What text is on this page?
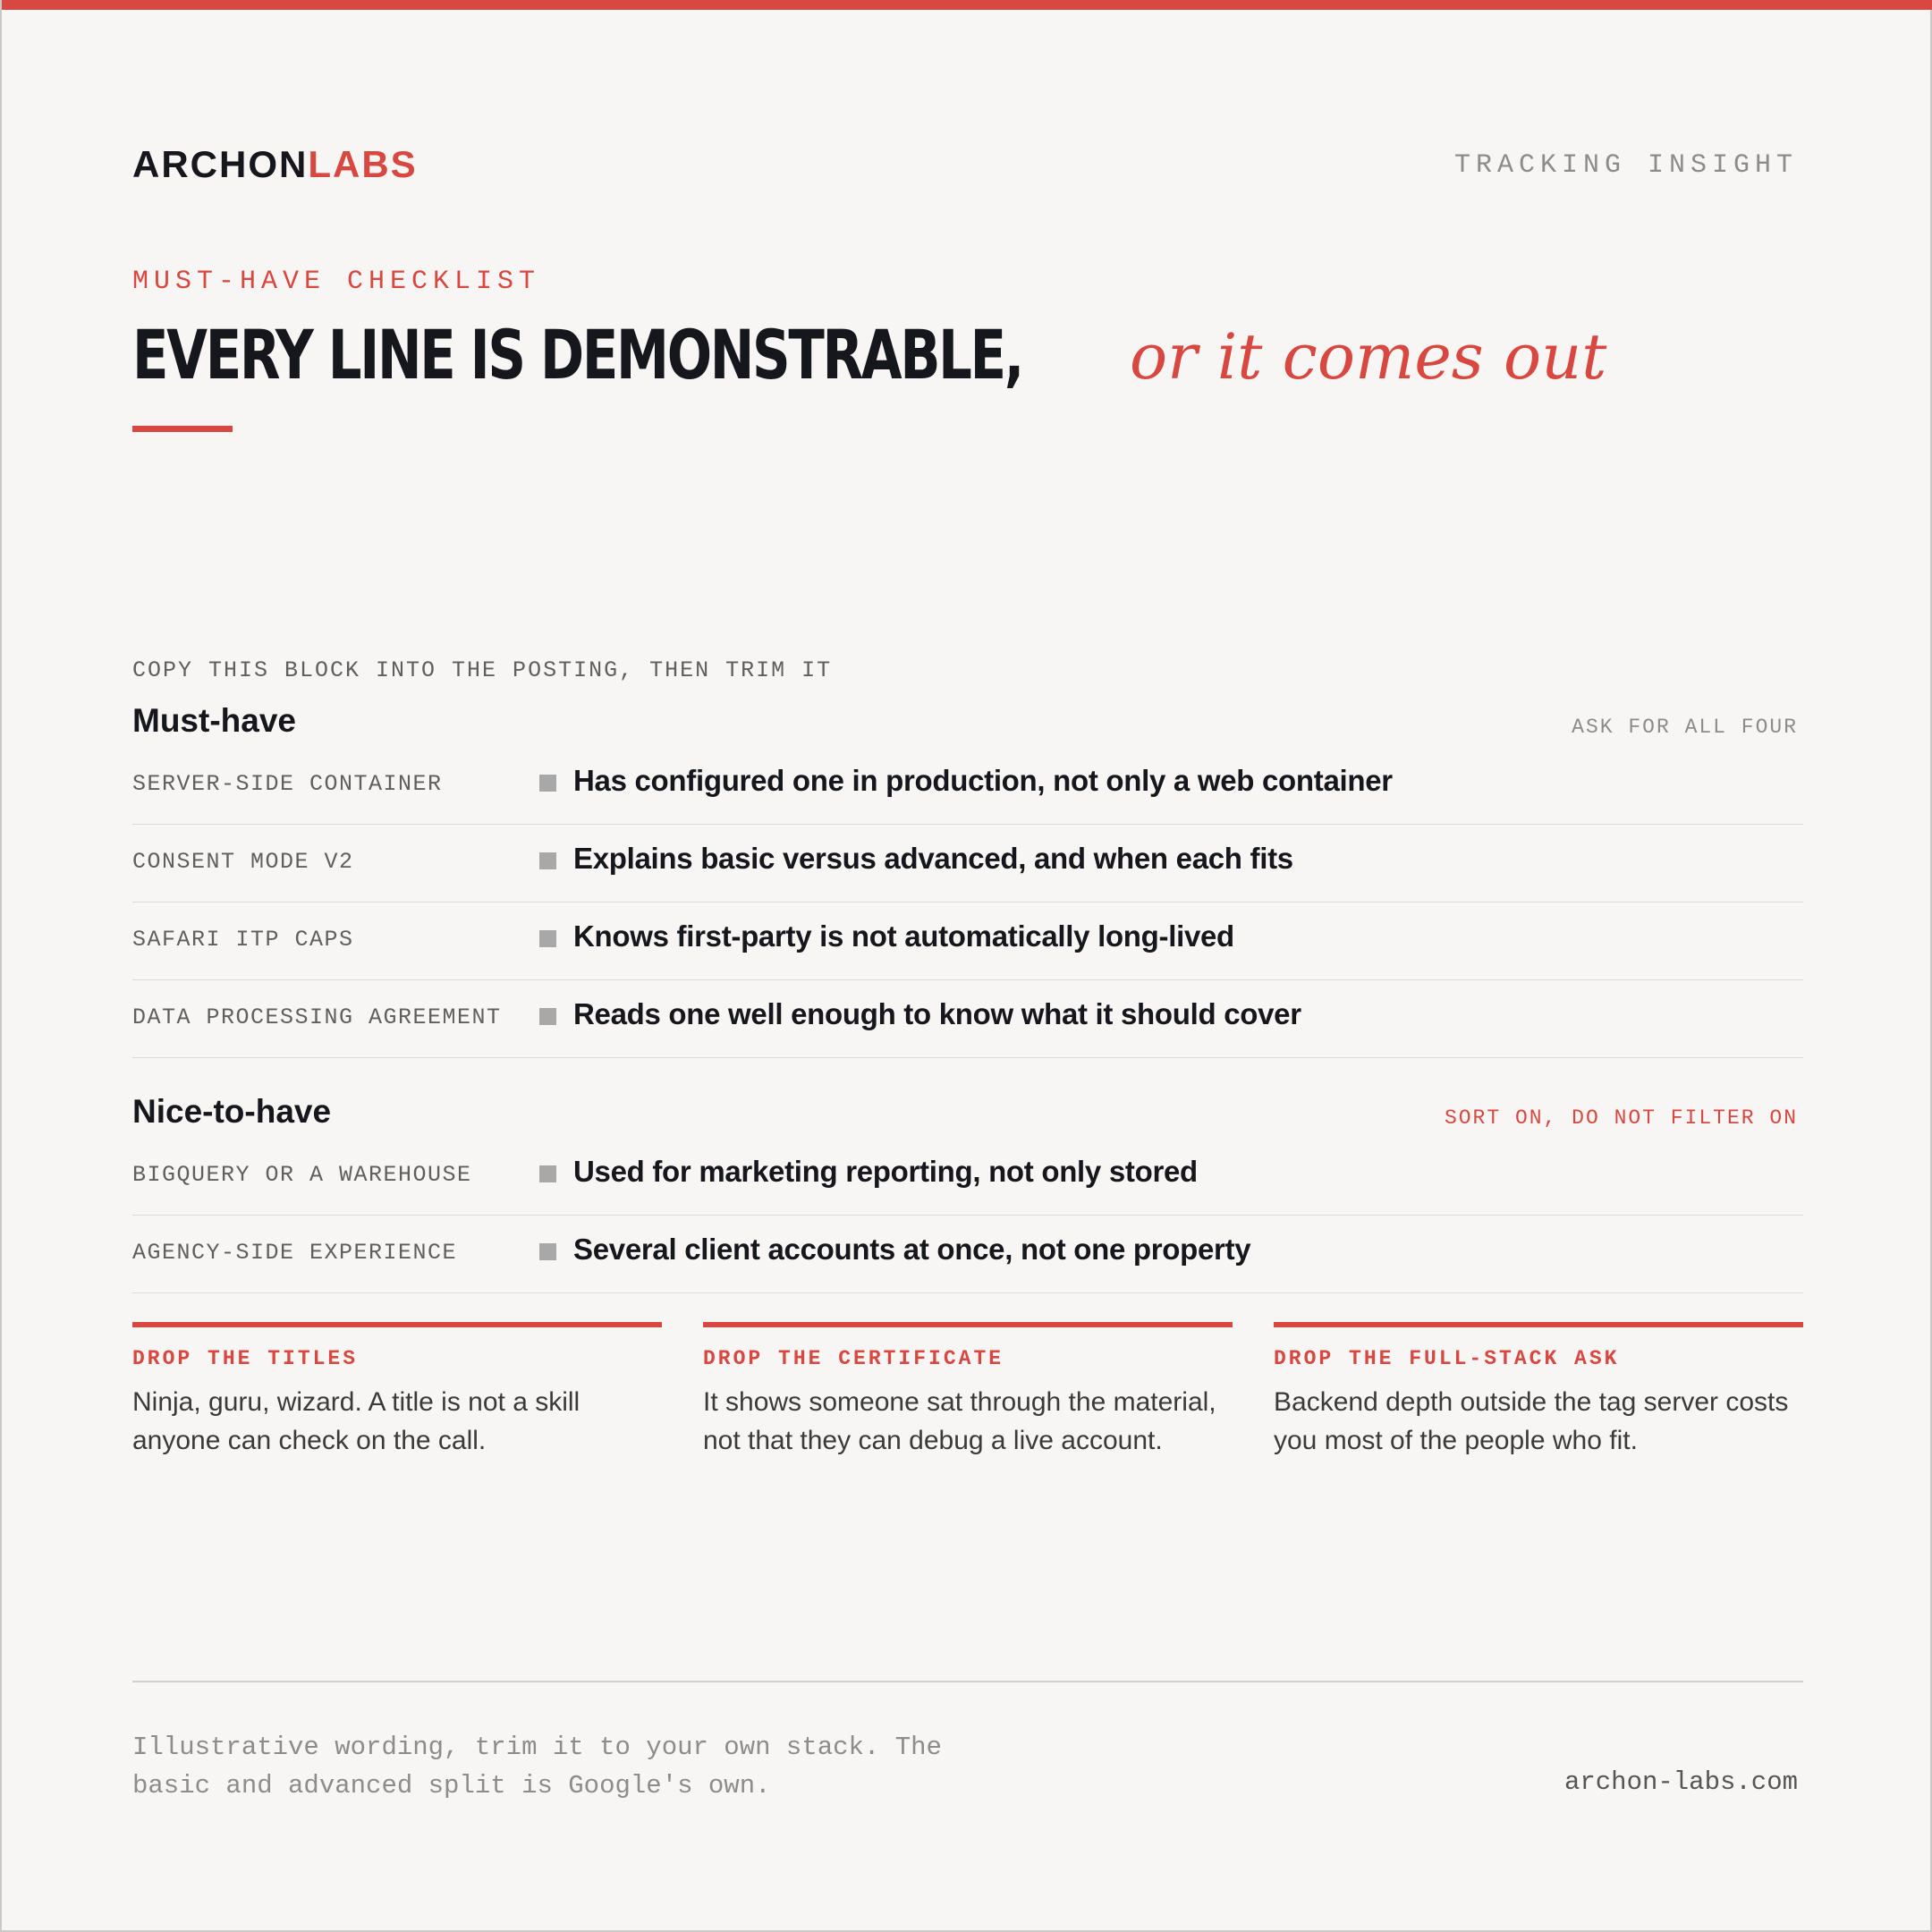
ARCHONLABS	TRACKING INSIGHT
MUST-HAVE CHECKLIST
EVERY LINE IS DEMONSTRABLE, or it comes out
COPY THIS BLOCK INTO THE POSTING, THEN TRIM IT
Must-have	ASK FOR ALL FOUR
SERVER-SIDE CONTAINER	Has configured one in production, not only a web container
CONSENT MODE V2	Explains basic versus advanced, and when each fits
SAFARI ITP CAPS	Knows first-party is not automatically long-lived
DATA PROCESSING AGREEMENT Reads one well enough to know what it should cover
Nice-to-have	SORT ON, DO NOT FILTER ON
BIGQUERY OR A WAREHOUSE	Used for marketing reporting, not only stored
AGENCY-SIDE EXPERIENCE	Several client accounts at once, not one property
DROP THE TITLES
Ninja, guru, wizard. A title is not a skill anyone can check on the call.
DROP THE CERTIFICATE
It shows someone sat through the material, not that they can debug a live account.
DROP THE FULL-STACK ASK
Backend depth outside the tag server costs you most of the people who fit.
Illustrative wording, trim it to your own stack. The basic and advanced split is Google's own.	archon-labs.com
